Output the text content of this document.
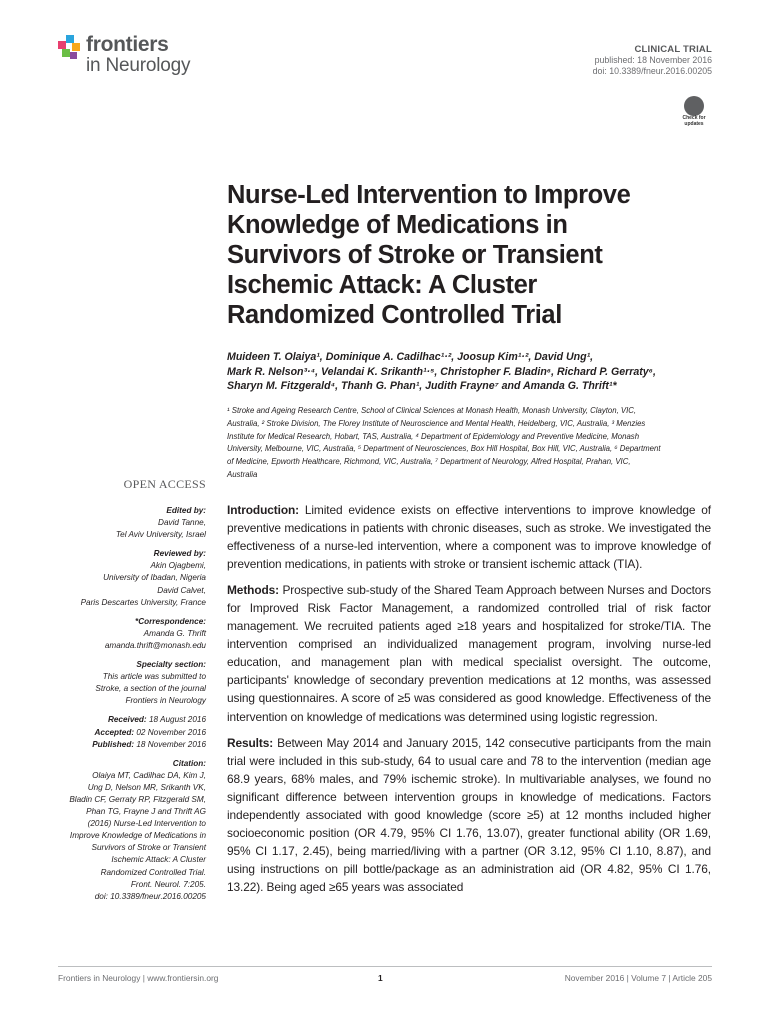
frontiers
in Neurology
CLINICAL TRIAL
published: 18 November 2016
doi: 10.3389/fneur.2016.00205
Check for
updates
Nurse-Led Intervention to Improve
Knowledge of Medications in
Survivors of Stroke or Transient
Ischemic Attack: A Cluster
Randomized Controlled Trial

Muideen T. Olaiya¹, Dominique A. Cadilhac¹·², Joosup Kim¹·², David Ung¹,

Mark R. Nelson³·⁴, Velandai K. Srikanth¹·⁵, Christopher F. Bladin⁶, Richard P. Gerraty⁶,

Sharyn M. Fitzgerald⁴, Thanh G. Phan¹, Judith Frayne⁷ and Amanda G. Thrift¹*

¹ Stroke and Ageing Research Centre, School of Clinical Sciences at Monash Health, Monash University, Clayton, VIC,
Australia, ² Stroke Division, The Florey Institute of Neuroscience and Mental Health, Heidelberg, VIC, Australia, ³ Menzies
Institute for Medical Research, Hobart, TAS, Australia, ⁴ Department of Epidemiology and Preventive Medicine, Monash
University, Melbourne, VIC, Australia, ⁵ Department of Neurosciences, Box Hill Hospital, Box Hill, VIC, Australia, ⁶ Department
of Medicine, Epworth Healthcare, Richmond, VIC, Australia, ⁷ Department of Neurology, Alfred Hospital, Prahan, VIC,
Australia
OPEN ACCESS

Edited by:

David Tanne,

Tel Aviv University, Israel

Reviewed by:

Akin Ojagbemi,

University of Ibadan, Nigeria

David Calvet,

Paris Descartes University, France

*Correspondence:

Amanda G. Thrift

amanda.thrift@monash.edu

Specialty section:

This article was submitted to

Stroke, a section of the journal

Frontiers in Neurology

Received: 18 August 2016

Accepted: 02 November 2016

Published: 18 November 2016

Citation:

Olaiya MT, Cadilhac DA, Kim J,

Ung D, Nelson MR, Srikanth VK,

Bladin CF, Gerraty RP, Fitzgerald SM,

Phan TG, Frayne J and Thrift AG

(2016) Nurse-Led Intervention to

Improve Knowledge of Medications in

Survivors of Stroke or Transient

Ischemic Attack: A Cluster

Randomized Controlled Trial.

Front. Neurol. 7:205.

doi: 10.3389/fneur.2016.00205

Introduction: Limited evidence exists on effective interventions to improve knowledge of preventive medications in patients with chronic diseases, such as stroke. We investigated the effectiveness of a nurse-led intervention, where a component was to improve knowledge of prevention medications, in patients with stroke or transient ischemic attack (TIA).

Methods: Prospective sub-study of the Shared Team Approach between Nurses and Doctors for Improved Risk Factor Management, a randomized controlled trial of risk factor management. We recruited patients aged ≥18 years and hospitalized for stroke/TIA. The intervention comprised an individualized management program, involving nurse-led education, and management plan with medical specialist oversight. The outcome, participants' knowledge of secondary prevention medications at 12 months, was assessed using questionnaires. A score of ≥5 was considered as good knowledge. Effectiveness of the intervention on knowledge of medications was determined using logistic regression.

Results: Between May 2014 and January 2015, 142 consecutive participants from the main trial were included in this sub-study, 64 to usual care and 78 to the intervention (median age 68.9 years, 68% males, and 79% ischemic stroke). In multivariable analyses, we found no significant difference between intervention groups in knowledge of medications. Factors independently associated with good knowledge (score ≥5) at 12 months included higher socioeconomic position (OR 4.79, 95% CI 1.76, 13.07), greater functional ability (OR 1.69, 95% CI 1.17, 2.45), being married/living with a partner (OR 3.12, 95% CI 1.10, 8.87), and using instructions on pill bottle/package as an administration aid (OR 4.82, 95% CI 1.76, 13.22). Being aged ≥65 years was associated

Frontiers in Neurology | www.frontiersin.org	1	November 2016 | Volume 7 | Article 205
